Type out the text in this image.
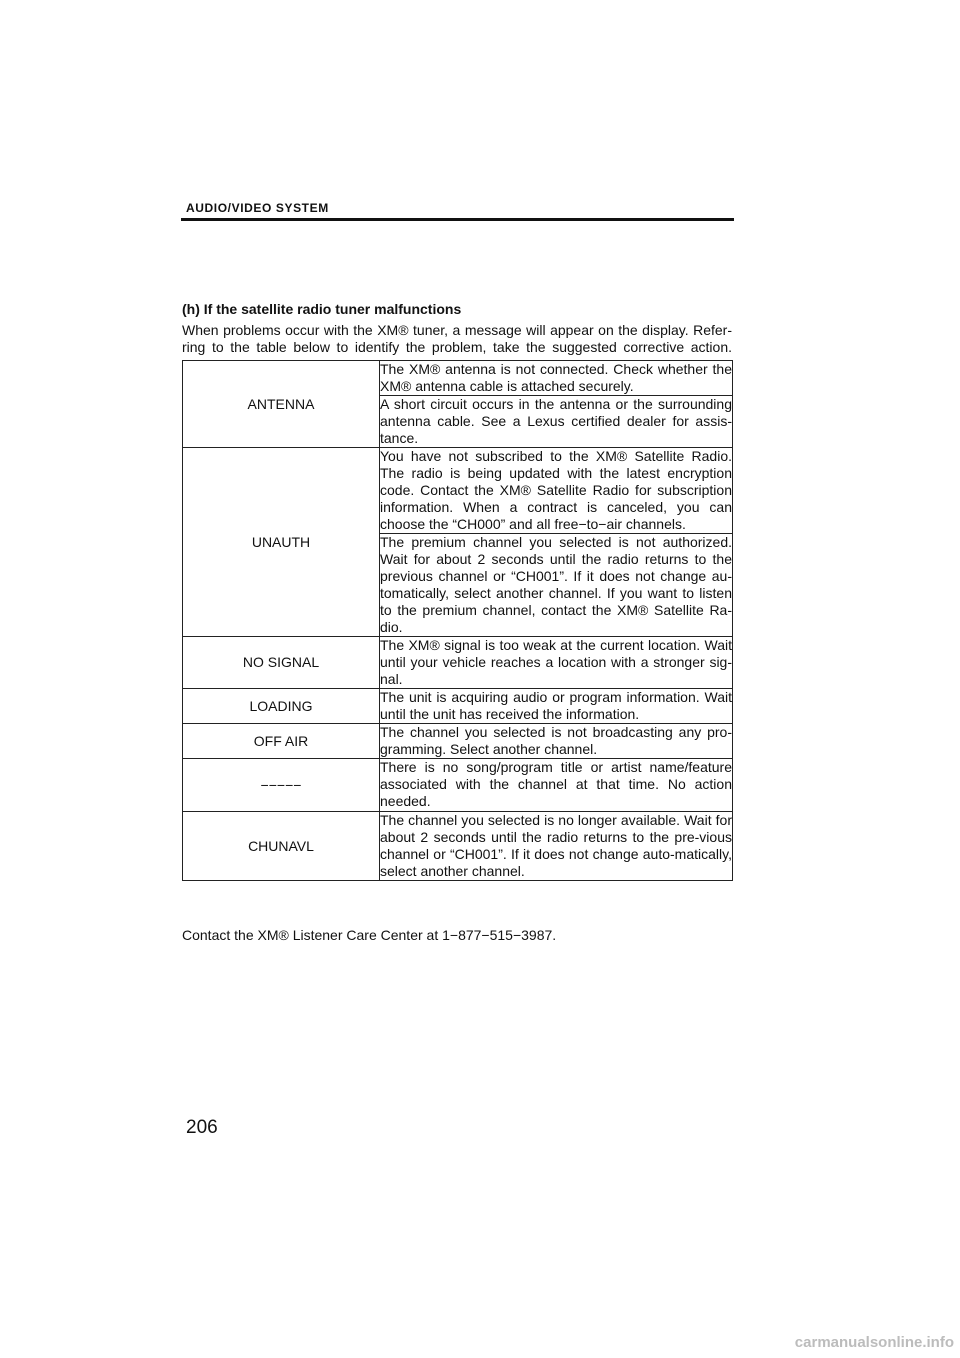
AUDIO/VIDEO SYSTEM
(h) If the satellite radio tuner malfunctions
When problems occur with the XM® tuner, a message will appear on the display. Refer-
ring to the table below to identify the problem, take the suggested corrective action.
ANTENNA	The XM® antenna is not connected. Check whether the XM® antenna cable is attached securely.
	A short circuit occurs in the antenna or the surrounding antenna cable. See a Lexus certified dealer for assis-tance.
UNAUTH	You have not subscribed to the XM® Satellite Radio. The radio is being updated with the latest encryption code. Contact the XM® Satellite Radio for subscription information. When a contract is canceled, you can choose the “CH000” and all free−to−air channels.
	The premium channel you selected is not authorized. Wait for about 2 seconds until the radio returns to the previous channel or “CH001”. If it does not change au-tomatically, select another channel. If you want to listen to the premium channel, contact the XM® Satellite Ra-dio.
NO SIGNAL	The XM® signal is too weak at the current location. Wait until your vehicle reaches a location with a stronger sig-nal.
LOADING	The unit is acquiring audio or program information. Wait until the unit has received the information.
OFF AIR	The channel you selected is not broadcasting any pro-gramming. Select another channel.
−−−−−	There is no song/program title or artist name/feature associated with the channel at that time. No action needed.
CHUNAVL	The channel you selected is no longer available. Wait for about 2 seconds until the radio returns to the pre-vious channel or “CH001”. If it does not change auto-matically, select another channel.
Contact the XM® Listener Care Center at 1−877−515−3987.
206
carmanualsonline.info
